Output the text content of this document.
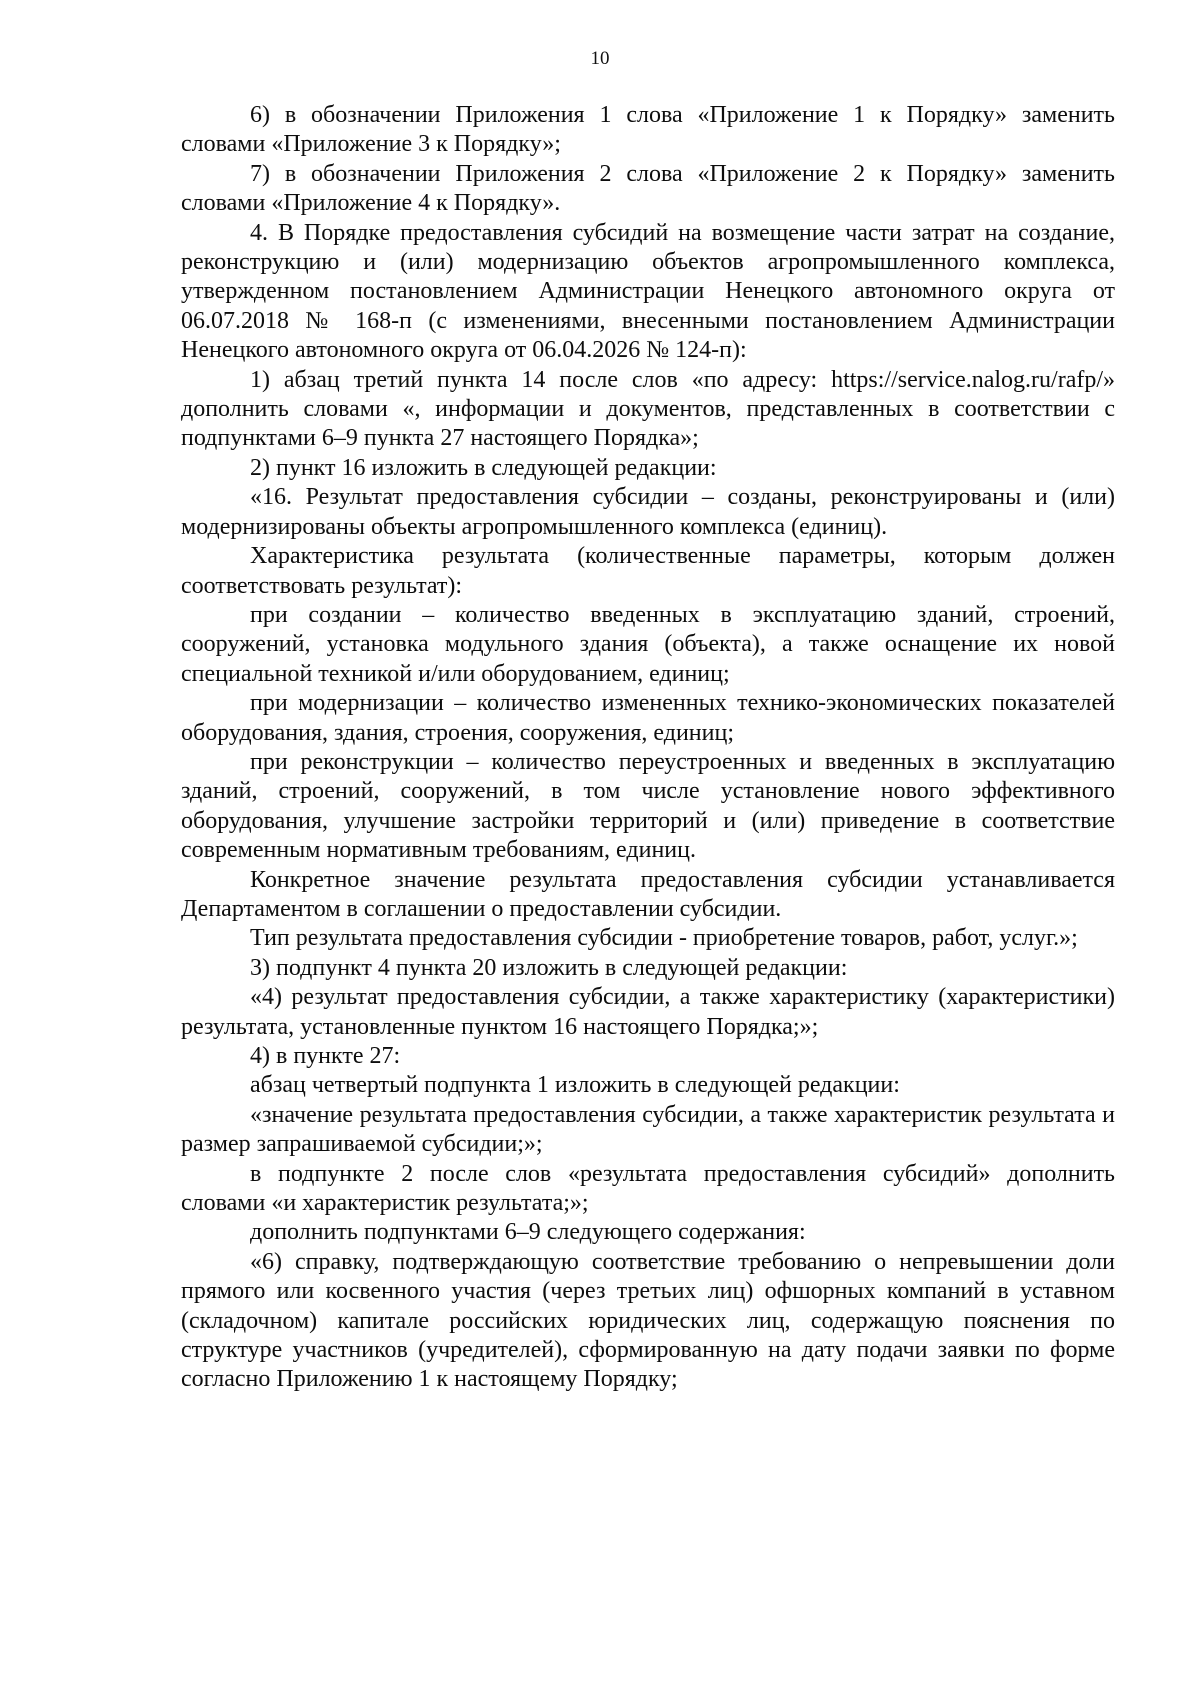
10

6) в обозначении Приложения 1 слова «Приложение 1 к Порядку» заменить словами «Приложение 3 к Порядку»;

7) в обозначении Приложения 2 слова «Приложение 2 к Порядку» заменить словами «Приложение 4 к Порядку».

4. В Порядке предоставления субсидий на возмещение части затрат на создание, реконструкцию и (или) модернизацию объектов агропромышленного комплекса, утвержденном постановлением Администрации Ненецкого автономного округа от 06.07.2018 № 168-п (с изменениями, внесенными постановлением Администрации Ненецкого автономного округа от 06.04.2026 № 124-п):

1) абзац третий пункта 14 после слов «по адресу: https://service.nalog.ru/rafp/» дополнить словами «, информации и документов, представленных в соответствии с подпунктами 6–9 пункта 27 настоящего Порядка»;

2) пункт 16 изложить в следующей редакции:

«16. Результат предоставления субсидии – созданы, реконструированы и (или) модернизированы объекты агропромышленного комплекса (единиц).

Характеристика результата (количественные параметры, которым должен соответствовать результат):

при создании – количество введенных в эксплуатацию зданий, строений, сооружений, установка модульного здания (объекта), а также оснащение их новой специальной техникой и/или оборудованием, единиц;

при модернизации – количество измененных технико-экономических показателей оборудования, здания, строения, сооружения, единиц;

при реконструкции – количество переустроенных и введенных в эксплуатацию зданий, строений, сооружений, в том числе установление нового эффективного оборудования, улучшение застройки территорий и (или) приведение в соответствие современным нормативным требованиям, единиц.

Конкретное значение результата предоставления субсидии устанавливается Департаментом в соглашении о предоставлении субсидии.

Тип результата предоставления субсидии - приобретение товаров, работ, услуг.»;

3) подпункт 4 пункта 20 изложить в следующей редакции:

«4) результат предоставления субсидии, а также характеристику (характеристики) результата, установленные пунктом 16 настоящего Порядка;»;

4) в пункте 27:

абзац четвертый подпункта 1 изложить в следующей редакции:

«значение результата предоставления субсидии, а также характеристик результата и размер запрашиваемой субсидии;»;

в подпункте 2 после слов «результата предоставления субсидий» дополнить словами «и характеристик результата;»;

дополнить подпунктами 6–9 следующего содержания:

«6) справку, подтверждающую соответствие требованию о непревышении доли прямого или косвенного участия (через третьих лиц) офшорных компаний в уставном (складочном) капитале российских юридических лиц, содержащую пояснения по структуре участников (учредителей), сформированную на дату подачи заявки по форме согласно Приложению 1 к настоящему Порядку;
